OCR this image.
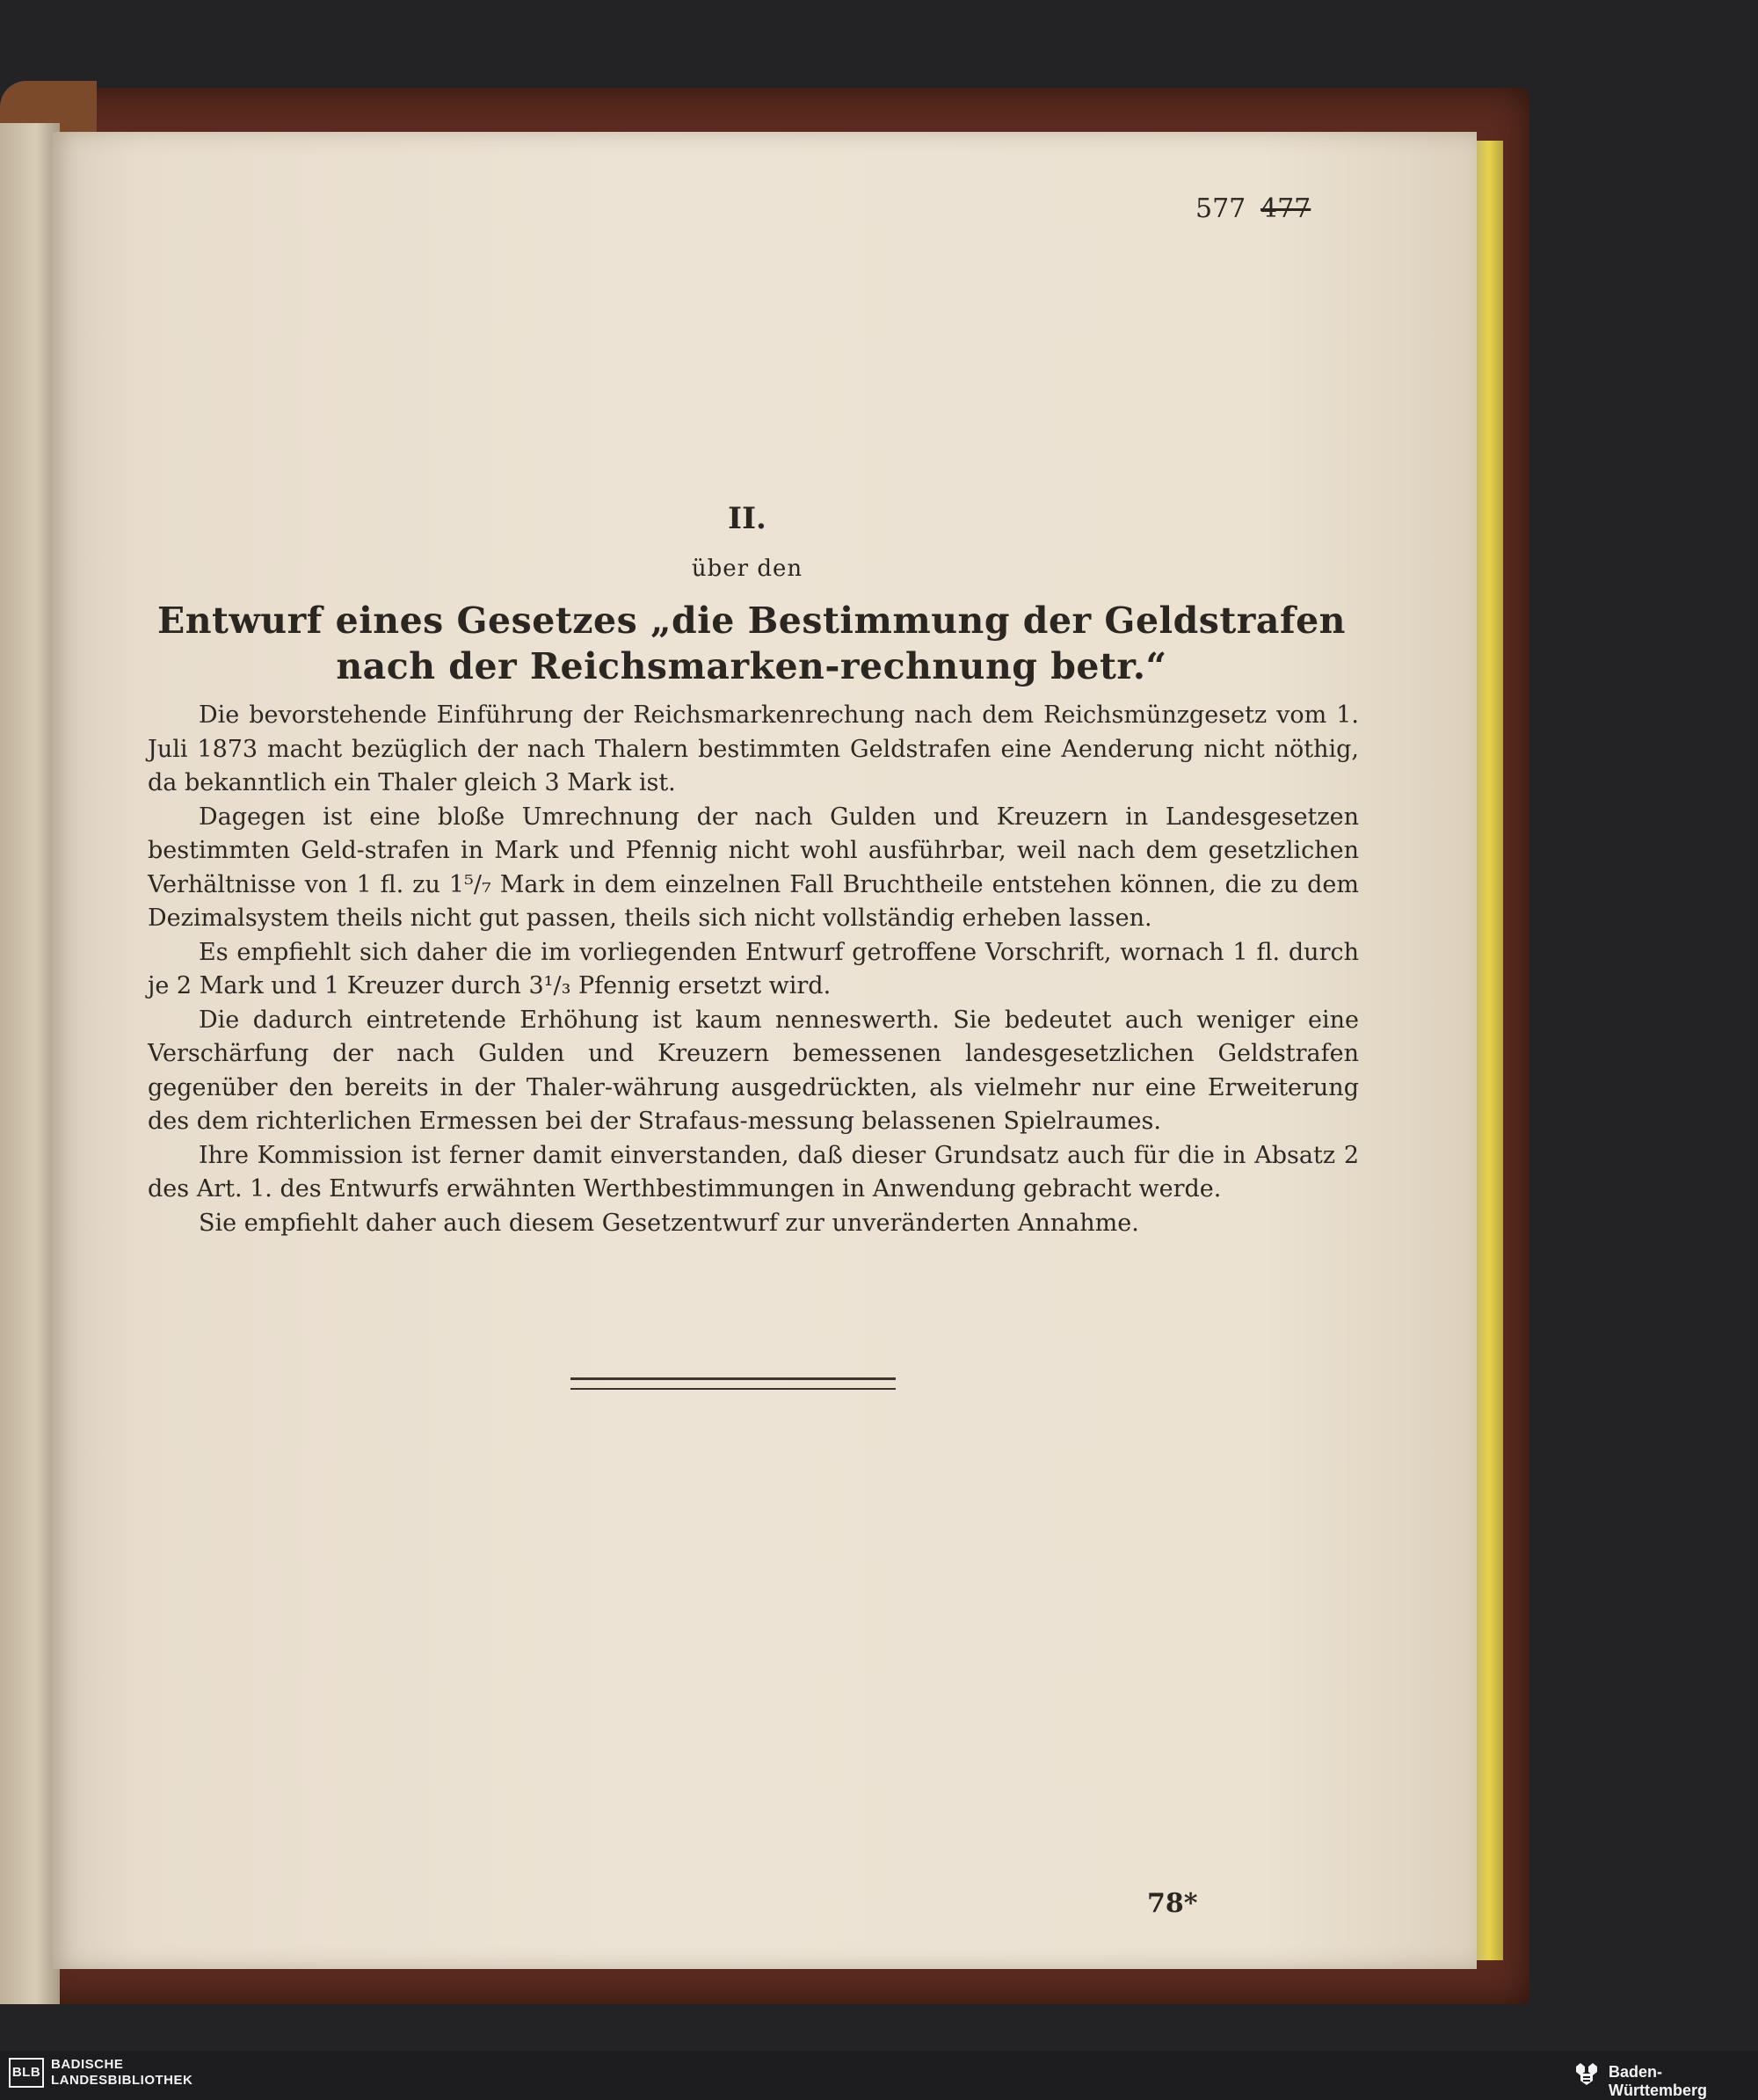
577 477
II.
über den
Entwurf eines Gesetzes „die Bestimmung der Geldstrafen nach der Reichsmarken-rechnung betr.“

Die bevorstehende Einführung der Reichsmarkenrechung nach dem Reichsmünzgesetz vom 1. Juli 1873 macht bezüglich der nach Thalern bestimmten Geldstrafen eine Aenderung nicht nöthig, da bekanntlich ein Thaler gleich 3 Mark ist.

Dagegen ist eine bloße Umrechnung der nach Gulden und Kreuzern in Landesgesetzen bestimmten Geld-strafen in Mark und Pfennig nicht wohl ausführbar, weil nach dem gesetzlichen Verhältnisse von 1 fl. zu 1⁵/₇ Mark in dem einzelnen Fall Bruchtheile entstehen können, die zu dem Dezimalsystem theils nicht gut passen, theils sich nicht vollständig erheben lassen.

Es empfiehlt sich daher die im vorliegenden Entwurf getroffene Vorschrift, wornach 1 fl. durch je 2 Mark und 1 Kreuzer durch 3¹/₃ Pfennig ersetzt wird.

Die dadurch eintretende Erhöhung ist kaum nenneswerth. Sie bedeutet auch weniger eine Verschärfung der nach Gulden und Kreuzern bemessenen landesgesetzlichen Geldstrafen gegenüber den bereits in der Thaler-währung ausgedrückten, als vielmehr nur eine Erweiterung des dem richterlichen Ermessen bei der Strafaus-messung belassenen Spielraumes.

Ihre Kommission ist ferner damit einverstanden, daß dieser Grundsatz auch für die in Absatz 2 des Art. 1. des Entwurfs erwähnten Werthbestimmungen in Anwendung gebracht werde.

Sie empfiehlt daher auch diesem Gesetzentwurf zur unveränderten Annahme.

78*
BLB
BADISCHE
LANDESBIBLIOTHEK	Baden-Württemberg
